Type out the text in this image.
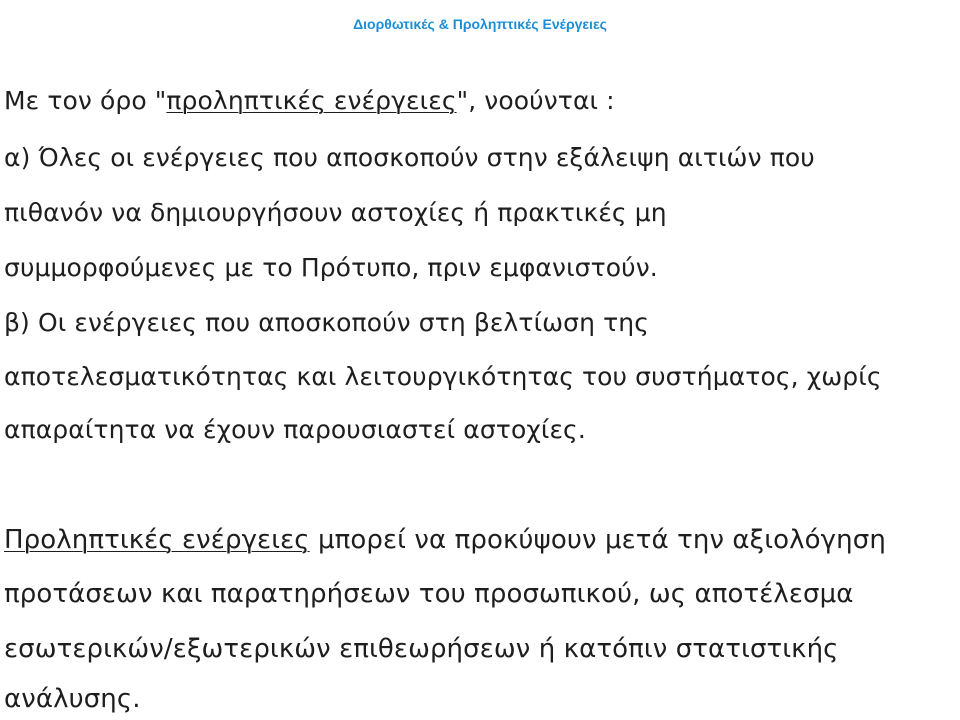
Διορθωτικές & Προληπτικές Ενέργειες
Με τον όρο "προληπτικές ενέργειες", νοούνται :
α) Όλες οι ενέργειες που αποσκοπούν στην εξάλειψη αιτιών που
πιθανόν να δημιουργήσουν αστοχίες ή πρακτικές μη
συμμορφούμενες με το Πρότυπο, πριν εμφανιστούν.
β) Οι ενέργειες που αποσκοπούν στη βελτίωση της
αποτελεσματικότητας και λειτουργικότητας του συστήματος, χωρίς
απαραίτητα να έχουν παρουσιαστεί αστοχίες.
Προληπτικές ενέργειες μπορεί να προκύψουν μετά την αξιολόγηση
προτάσεων και παρατηρήσεων του προσωπικού, ως αποτέλεσμα
εσωτερικών/εξωτερικών επιθεωρήσεων ή κατόπιν στατιστικής
ανάλυσης.
